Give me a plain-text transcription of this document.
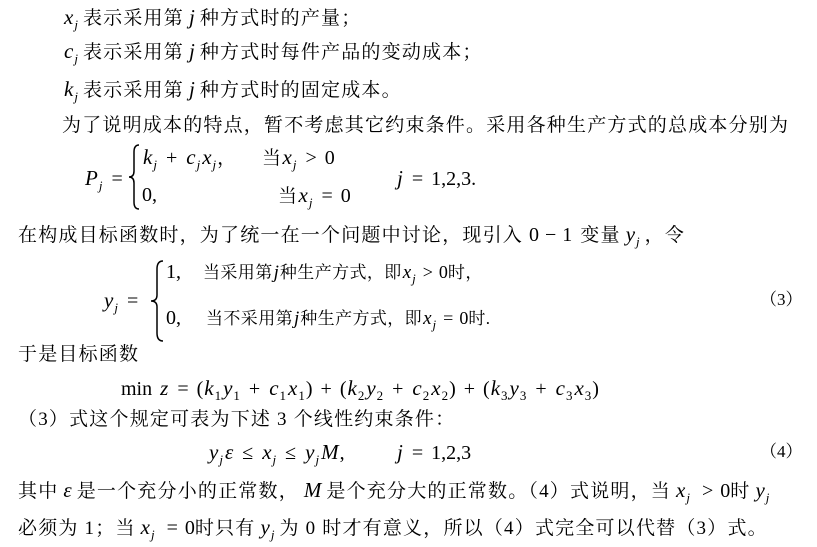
$x_j$ 表示采用第 j 种方式时的产量；
$c_j$ 表示采用第 j 种方式时每件产品的变动成本；
$k_j$ 表示采用第 j 种方式时的固定成本。
为了说明成本的特点，暂不考虑其它约束条件。采用各种生产方式的总成本分别为
$P_j$ =
$k_j + c_jx_j$， 当$x_j > 0$
0,	当$x_j = 0$
j = 1,2,3.
在构成目标函数时，为了统一在一个问题中讨论，现引入 0−1 变量 $y_j$ ，令
$y_j$ =
1, 当采用第j种生产方式，即$x_j > 0$时，
0, 当不采用第j种生产方式，即$x_j = 0$时.
（3）
于是目标函数
$\min z = (k_1y_1 + c_1x_1) + (k_2y_2 + c_2x_2) + (k_3y_3 + c_3x_3)$
（3）式这个规定可表为下述 3 个线性约束条件：
$y_j\varepsilon \le x_j \le y_jM$, j = 1,2,3	（4）
其中 ε 是一个充分小的正常数， M 是个充分大的正常数。（4）式说明，当 $x_j > 0$时 $y_j$
必须为 1；当 $x_j = 0$时只有 $y_j$ 为 0 时才有意义，所以（4）式完全可以代替（3）式。
